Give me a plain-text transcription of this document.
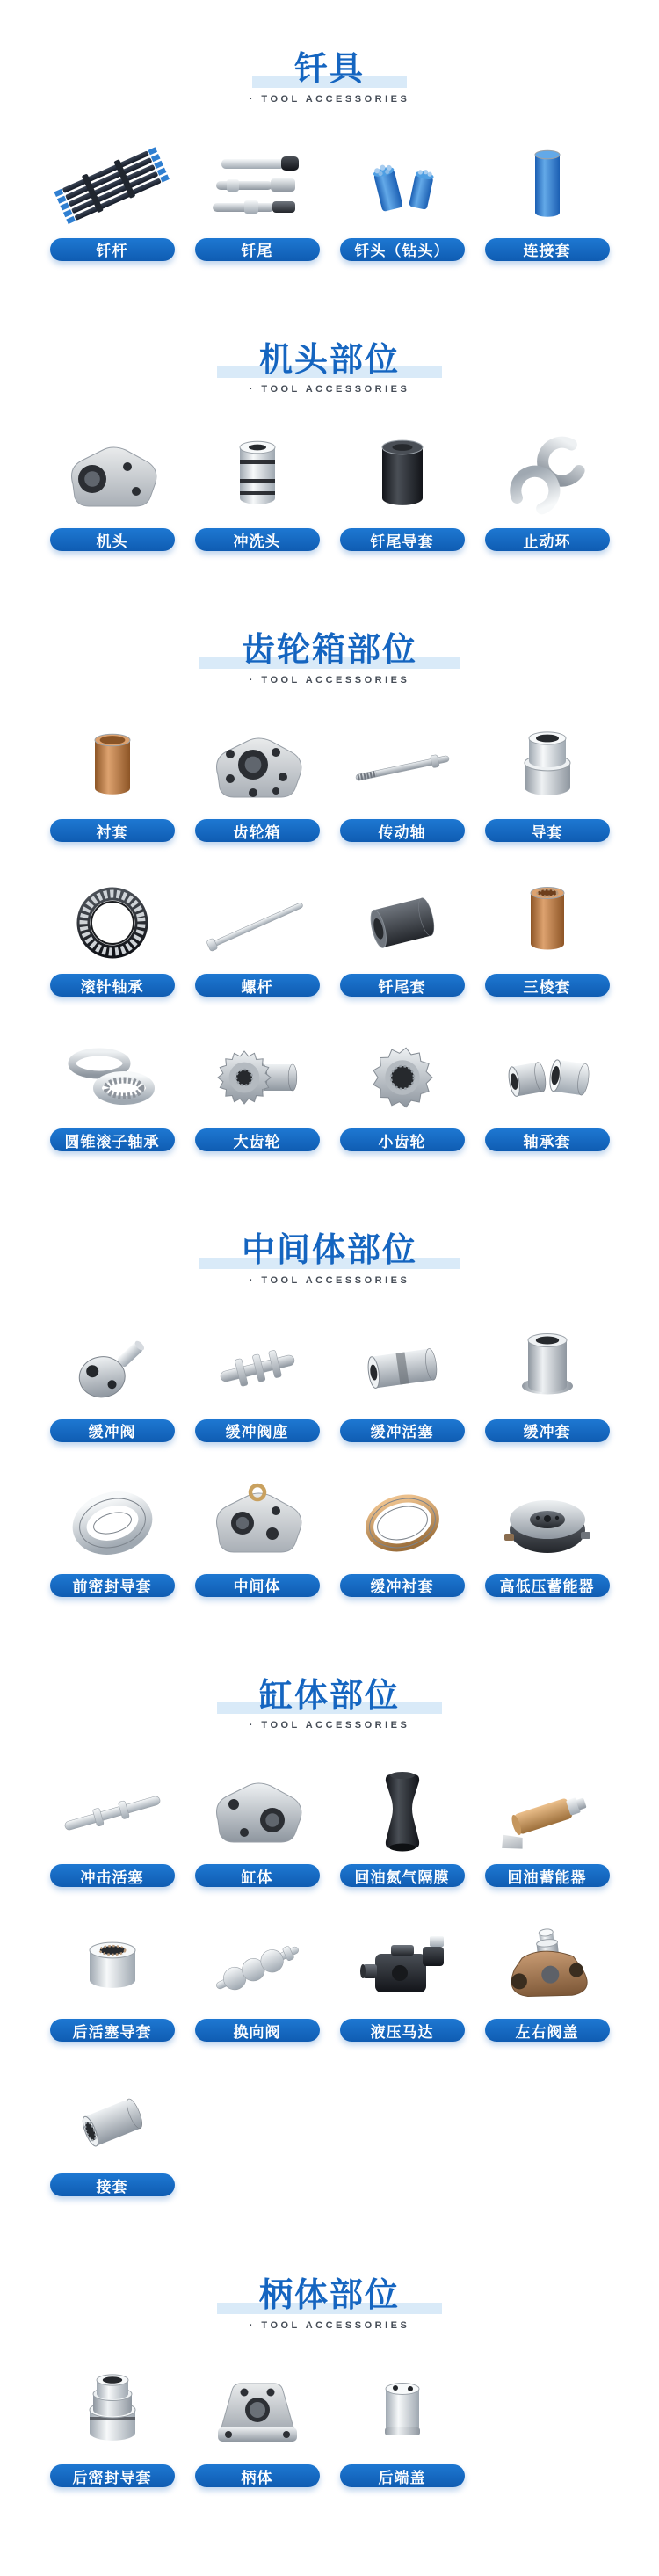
钎具
· TOOL ACCESSORIES
钎杆	钎尾	钎头（钻头）	连接套
机头部位
· TOOL ACCESSORIES
机头	冲洗头	钎尾导套	止动环
齿轮箱部位
· TOOL ACCESSORIES
衬套	齿轮箱	传动轴	导套
滚针轴承	螺杆	钎尾套	三棱套
圆锥滚子轴承	大齿轮	小齿轮	轴承套
中间体部位
· TOOL ACCESSORIES
缓冲阀	缓冲阀座	缓冲活塞	缓冲套
前密封导套	中间体	缓冲衬套	高低压蓄能器
缸体部位
· TOOL ACCESSORIES
冲击活塞	缸体	回油氮气隔膜	回油蓄能器
后活塞导套	换向阀	液压马达	左右阀盖
接套
柄体部位
· TOOL ACCESSORIES
后密封导套	柄体	后端盖
